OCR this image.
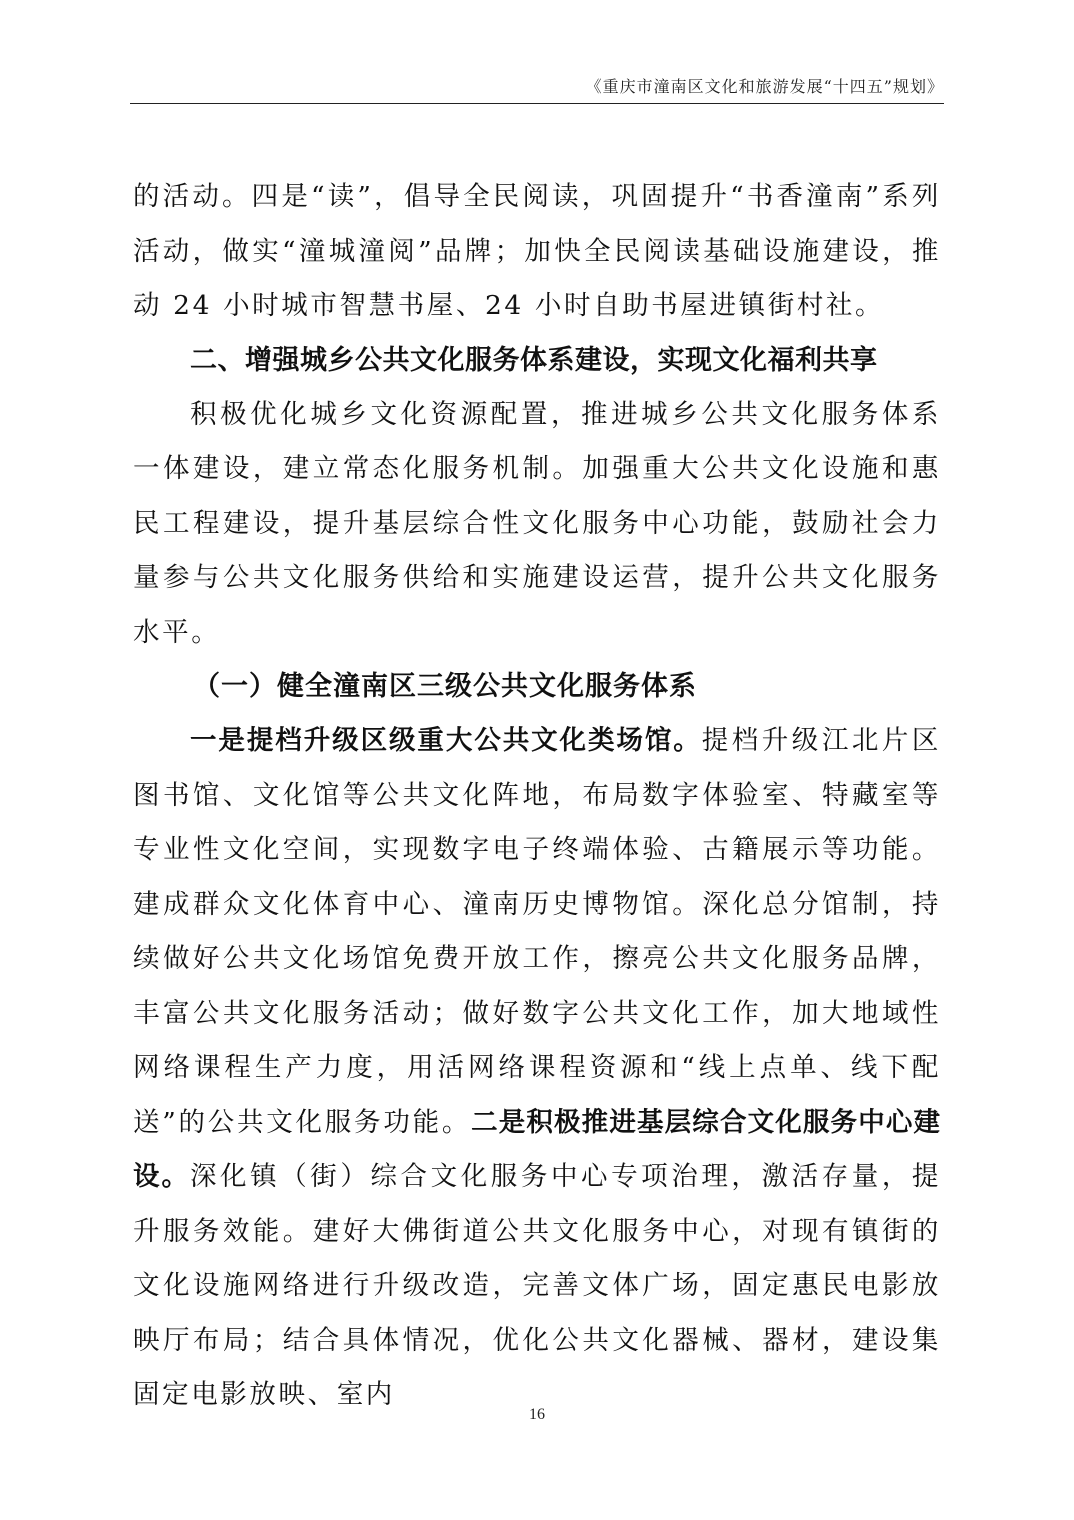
《重庆市潼南区文化和旅游发展“十四五”规划》

的活动。四是“读”，倡导全民阅读，巩固提升“书香潼南”系列活动，做实“潼城潼阅”品牌；加快全民阅读基础设施建设，推动 24 小时城市智慧书屋、24 小时自助书屋进镇街村社。

二、增强城乡公共文化服务体系建设，实现文化福利共享

积极优化城乡文化资源配置，推进城乡公共文化服务体系一体建设，建立常态化服务机制。加强重大公共文化设施和惠民工程建设，提升基层综合性文化服务中心功能，鼓励社会力量参与公共文化服务供给和实施建设运营，提升公共文化服务水平。

（一）健全潼南区三级公共文化服务体系

一是提档升级区级重大公共文化类场馆。提档升级江北片区图书馆、文化馆等公共文化阵地，布局数字体验室、特藏室等专业性文化空间，实现数字电子终端体验、古籍展示等功能。建成群众文化体育中心、潼南历史博物馆。深化总分馆制，持续做好公共文化场馆免费开放工作，擦亮公共文化服务品牌，丰富公共文化服务活动；做好数字公共文化工作，加大地域性网络课程生产力度，用活网络课程资源和“线上点单、线下配送”的公共文化服务功能。二是积极推进基层综合文化服务中心建设。深化镇（街）综合文化服务中心专项治理，激活存量，提升服务效能。建好大佛街道公共文化服务中心，对现有镇街的文化设施网络进行升级改造，完善文体广场，固定惠民电影放映厅布局；结合具体情况，优化公共文化器械、器材，建设集固定电影放映、室内

16
